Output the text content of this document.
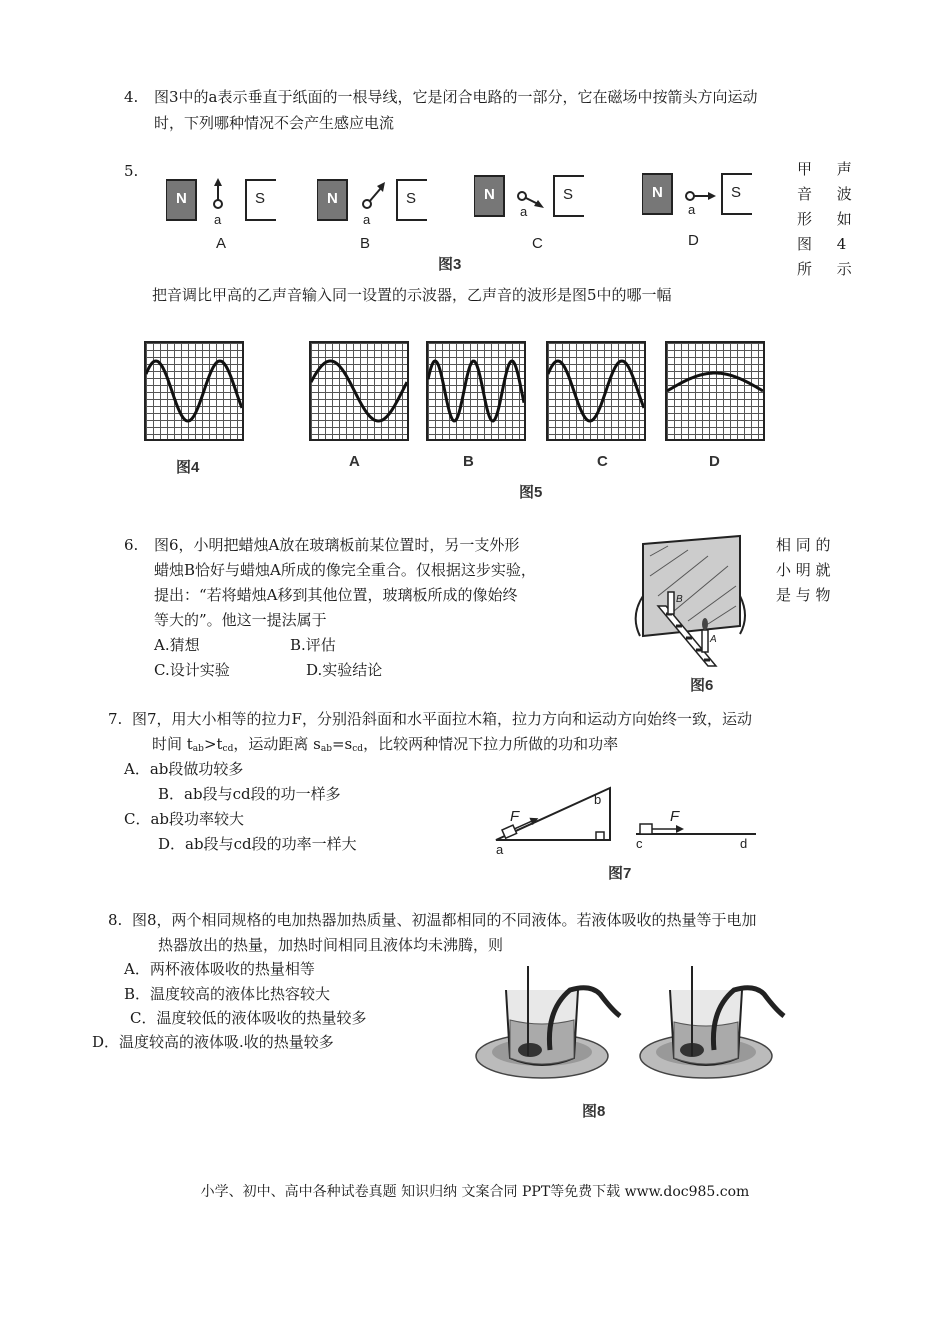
4. 图3中的a表示垂直于纸面的一根导线，它是闭合电路的一部分，它在磁场中按箭头方向运动
时，下列哪种情况不会产生感应电流
5.	甲 声
音 波
形 如
图 4
所 示
N
a
S
A
N
a
S
B
N
a
S
C
N
a
S
D
图3
把音调比甲高的乙声音输入同一设置的示波器，乙声音的波形是图5中的哪一幅
图4	A	B	C	D
图5
6. 图6，小明把蜡烛A放在玻璃板前某位置时，另一支外形
蜡烛B恰好与蜡烛A所成的像完全重合。仅根据这步实验，
提出：“若将蜡烛A移到其他位置，玻璃板所成的像始终
等大的”。他这一提法属于
相 同 的
小 明 就
是 与 物
A.猜想	B.评估
C.设计实验	D.实验结论
B
A
图6
7. 图7，用大小相等的拉力F，分别沿斜面和水平面拉木箱，拉力方向和运动方向始终一致，运动
时间 $t_{ab}>t_{cd}$，运动距离 $s_{ab}=s_{cd}$，比较两种情况下拉力所做的功和功率
A．ab段做功较多
B．ab段与cd段的功一样多
C．ab段功率较大
D．ab段与cd段的功率一样大
F
a
b
F
c	d
图7
8. 图8，两个相同规格的电加热器加热质量、初温都相同的不同液体。若液体吸收的热量等于电加
热器放出的热量，加热时间相同且液体均未沸腾，则
A．两杯液体吸收的热量相等
B．温度较高的液体比热容较大
C．温度较低的液体吸收的热量较多
D．温度较高的液体吸.收的热量较多
图8
小学、初中、高中各种试卷真题 知识归纳 文案合同 PPT等免费下载 www.doc985.com
